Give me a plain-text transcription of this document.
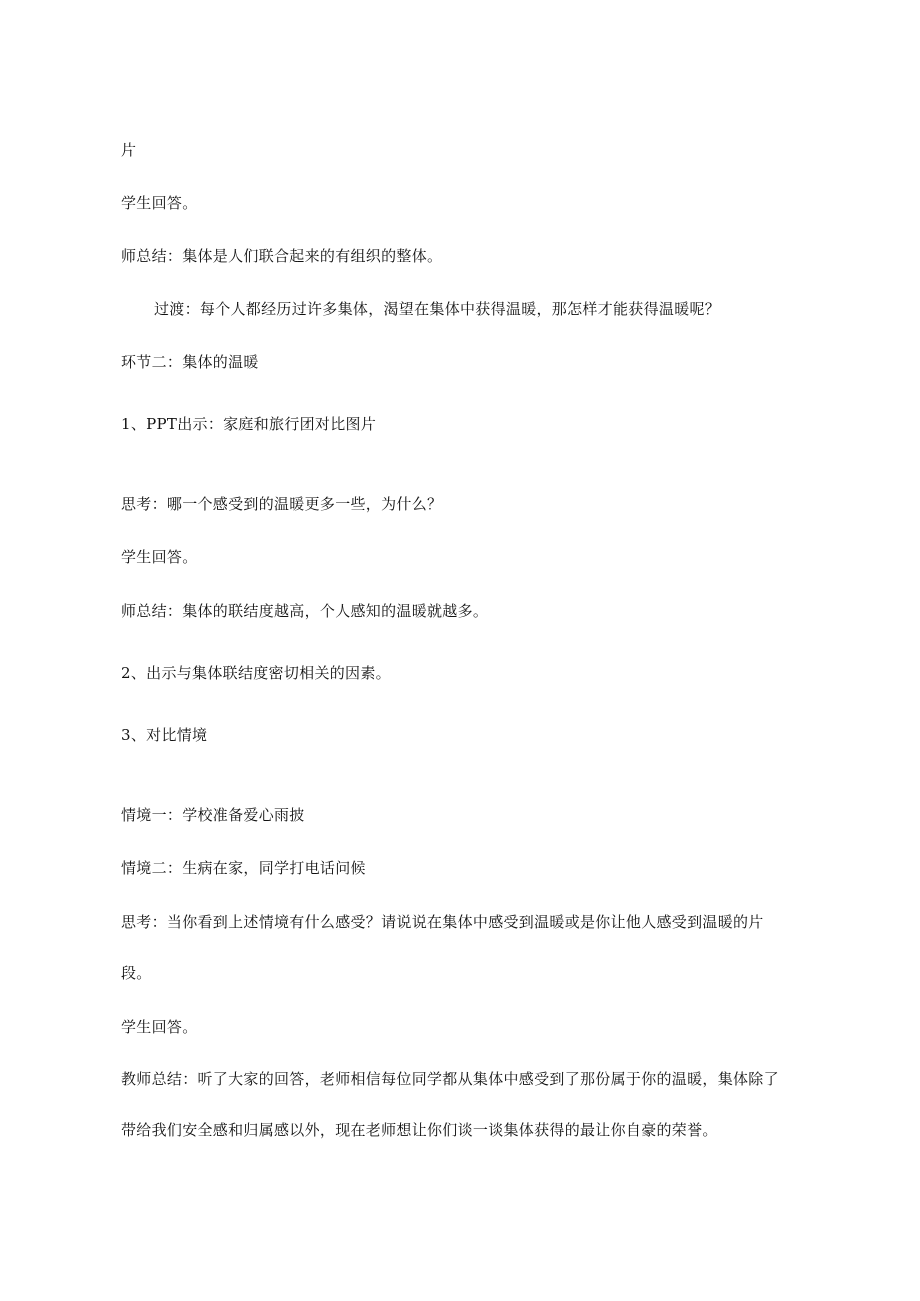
片
学生回答。
师总结：集体是人们联合起来的有组织的整体。
过渡：每个人都经历过许多集体，渴望在集体中获得温暖，那怎样才能获得温暖呢？
环节二：集体的温暖
1、PPT出示：家庭和旅行团对比图片
思考：哪一个感受到的温暖更多一些，为什么？
学生回答。
师总结：集体的联结度越高，个人感知的温暖就越多。
2、出示与集体联结度密切相关的因素。
3、对比情境
情境一：学校准备爱心雨披
情境二：生病在家，同学打电话问候
思考：当你看到上述情境有什么感受？请说说在集体中感受到温暖或是你让他人感受到温暖的片
段。
学生回答。
教师总结：听了大家的回答，老师相信每位同学都从集体中感受到了那份属于你的温暖，集体除了
带给我们安全感和归属感以外，现在老师想让你们谈一谈集体获得的最让你自豪的荣誉。
